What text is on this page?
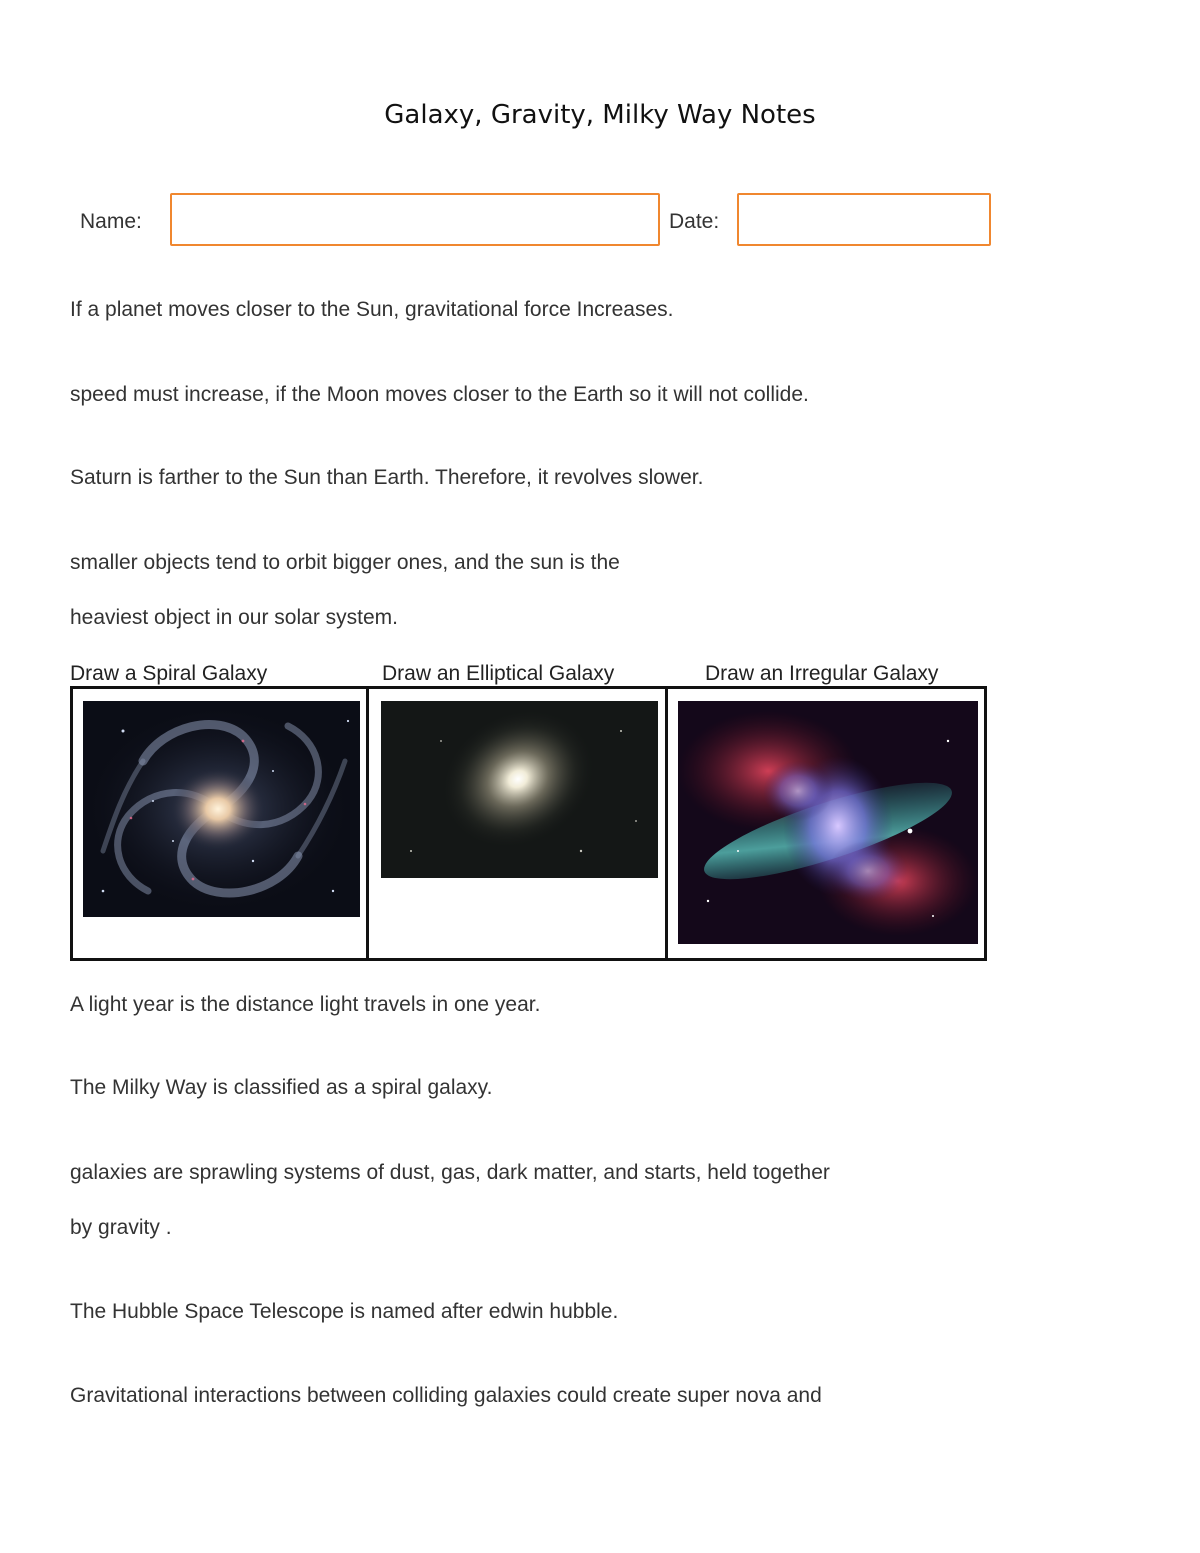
Galaxy, Gravity, Milky Way Notes
Name:	Date:
If a planet moves closer to the Sun, gravitational force Increases.
speed must increase, if the Moon moves closer to the Earth so it will not collide.
Saturn is farther to the Sun than Earth. Therefore, it revolves slower.
smaller objects tend to orbit bigger ones, and the sun is the
heaviest object in our solar system.
Draw a Spiral Galaxy	Draw an Elliptical Galaxy	Draw an Irregular Galaxy
A light year is the distance light travels in one year.
The Milky Way is classified as a spiral galaxy.
galaxies are sprawling systems of dust, gas, dark matter, and starts, held together
by gravity .
The Hubble Space Telescope is named after edwin hubble.
Gravitational interactions between colliding galaxies could create super nova and
